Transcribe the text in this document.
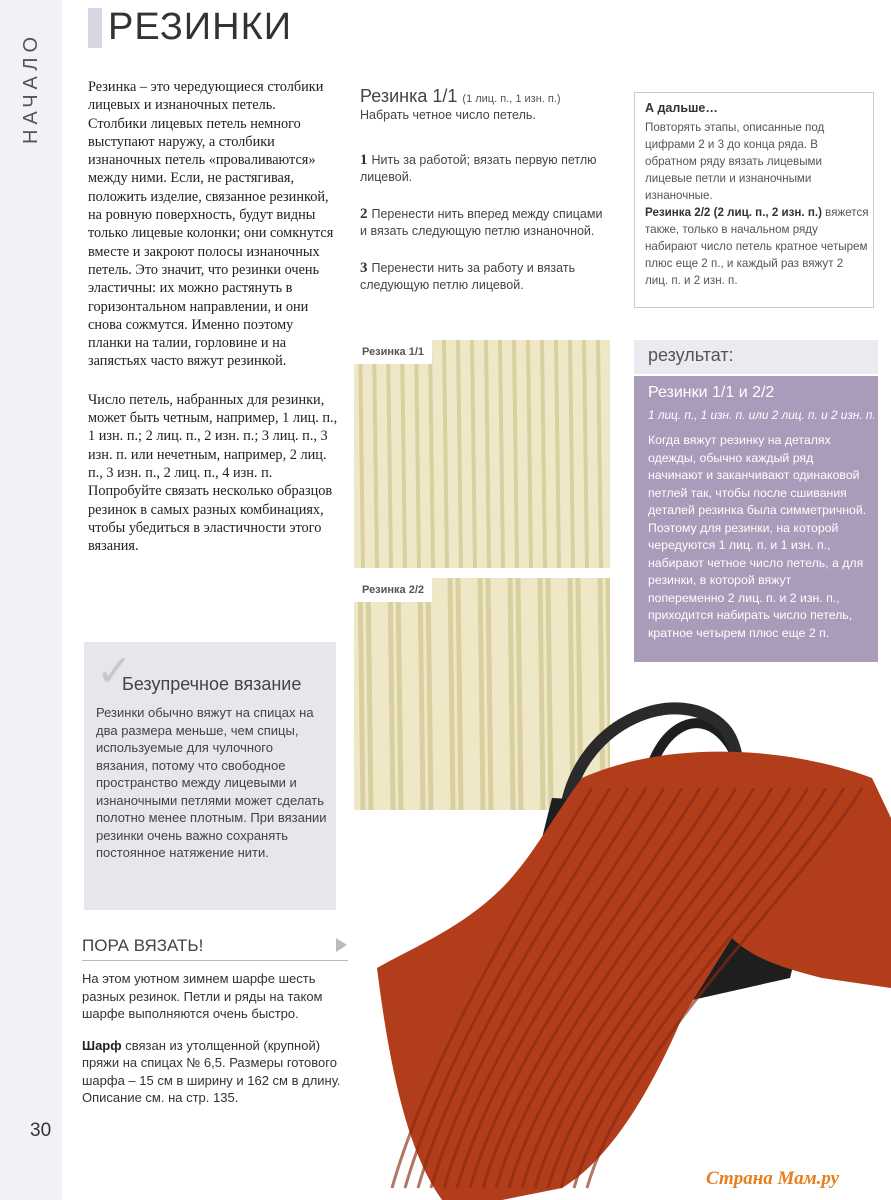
НАЧАЛО
РЕЗИНКИ

Резинка – это чередующиеся столбики лицевых и изнаночных петель. Столбики лицевых петель немного выступают наружу, а столбики изнаночных петель «проваливаются» между ними. Если, не растягивая, положить изделие, связанное резинкой, на ровную поверхность, будут видны только лицевые колонки; они сомкнутся вместе и закроют полосы изнаночных петель. Это значит, что резинки очень эластичны: их можно растянуть в горизонтальном направлении, и они снова сожмутся. Именно поэтому планки на талии, горловине и на запястьях часто вяжут резинкой.

Число петель, набранных для резинки, может быть четным, например, 1 лиц. п., 1 изн. п.; 2 лиц. п., 2 изн. п.; 3 лиц. п., 3 изн. п. или нечетным, например, 2 лиц. п., 3 изн. п., 2 лиц. п., 4 изн. п. Попробуйте связать несколько образцов резинок в самых разных комбинациях, чтобы убедиться в эластичности этого вязания.

✓
Безупречное вязание
Резинки обычно вяжут на спицах на два размера меньше, чем спицы, используемые для чулочного вязания, потому что свободное пространство между лицевыми и изнаночными петлями может сделать полотно менее плотным. При вязании резинки очень важно сохранять постоянное натяжение нити.
ПОРА ВЯЗАТЬ!

На этом уютном зимнем шарфе шесть разных резинок. Петли и ряды на таком шарфе выполняются очень быстро.

Шарф связан из утолщенной (крупной) пряжи на спицах № 6,5. Размеры готового шарфа – 15 см в ширину и 162 см в длину. Описание см. на стр. 135.

Резинка 1/1 (1 лиц. п., 1 изн. п.)
Набрать четное число петель.
1 Нить за работой; вязать первую петлю лицевой.
2 Перенести нить вперед между спицами и вязать следующую петлю изнаночной.
3 Перенести нить за работу и вязать следующую петлю лицевой.
Резинка 1/1
Резинка 2/2
А дальше…
Повторять этапы, описанные под цифрами 2 и 3 до конца ряда. В обратном ряду вязать лицевыми лицевые петли и изнаночными изнаночные.
Резинка 2/2 (2 лиц. п., 2 изн. п.) вяжется также, только в начальном ряду набирают число петель кратное четырем плюс еще 2 п., и каждый раз вяжут 2 лиц. п. и 2 изн. п.
результат:
Резинки 1/1 и 2/2
1 лиц. п., 1 изн. п. или 2 лиц. п. и 2 изн. п.
Когда вяжут резинку на деталях одежды, обычно каждый ряд начинают и заканчивают одинаковой петлей так, чтобы после сшивания деталей резинка была симметричной. Поэтому для резинки, на которой чередуются 1 лиц. п. и 1 изн. п., набирают четное число петель, а для резинки, в которой вяжут попеременно 2 лиц. п. и 2 изн. п., приходится набирать число петель, кратное четырем плюс еще 2 п.
30
Страна Мам.ру
